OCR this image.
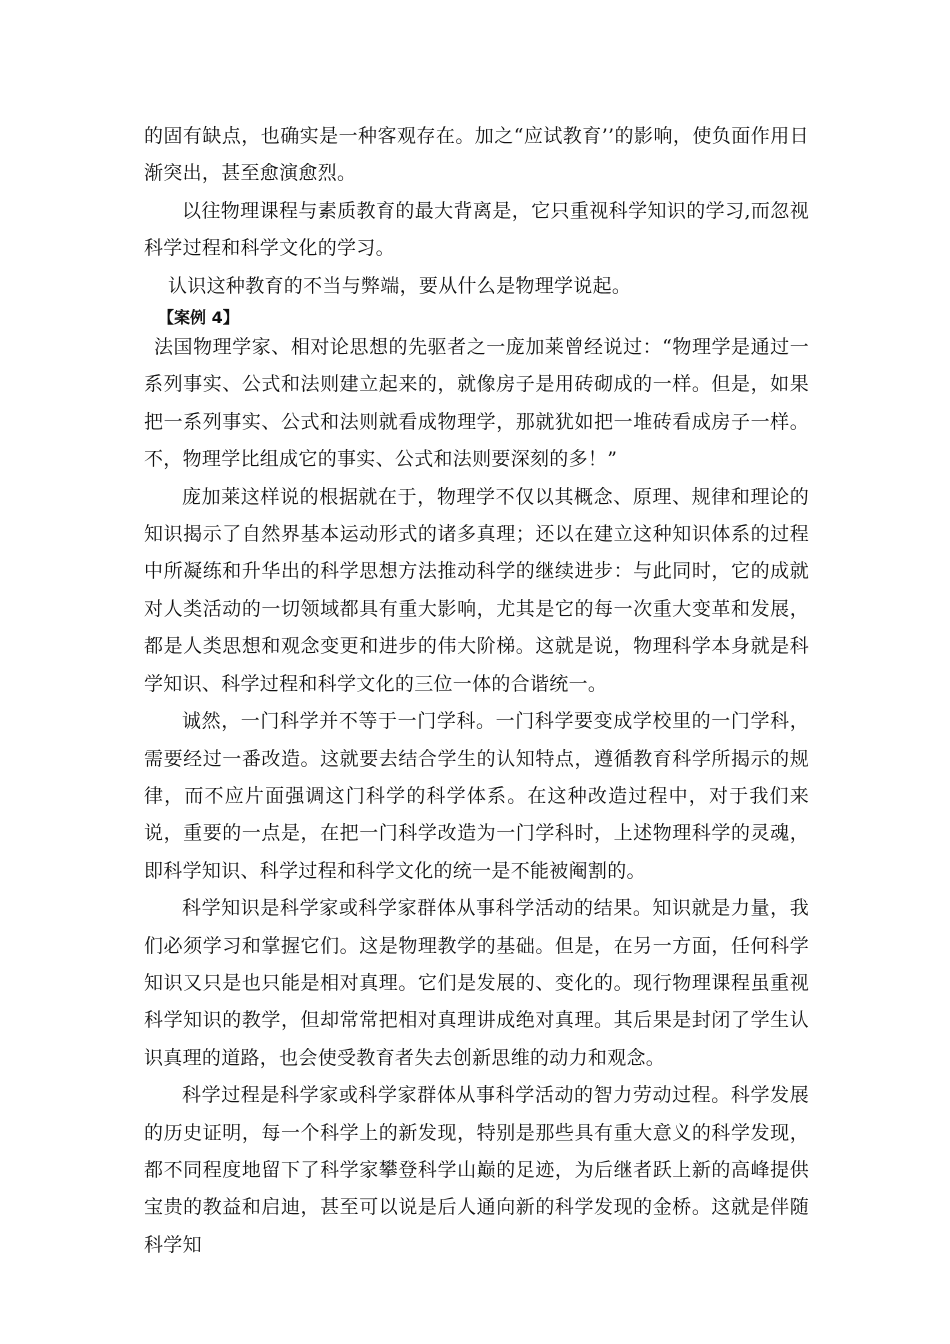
的固有缺点，也确实是一种客观存在。加之“应试教育’’的影响，使负面作用日渐突出，甚至愈演愈烈。

以往物理课程与素质教育的最大背离是，它只重视科学知识的学习,而忽视科学过程和科学文化的学习。

认识这种教育的不当与弊端，要从什么是物理学说起。

【案例 4】

法国物理学家、相对论思想的先驱者之一庞加莱曾经说过：“物理学是通过一系列事实、公式和法则建立起来的，就像房子是用砖砌成的一样。但是，如果把一系列事实、公式和法则就看成物理学，那就犹如把一堆砖看成房子一样。不，物理学比组成它的事实、公式和法则要深刻的多！”

庞加莱这样说的根据就在于，物理学不仅以其概念、原理、规律和理论的知识揭示了自然界基本运动形式的诸多真理；还以在建立这种知识体系的过程中所凝练和升华出的科学思想方法推动科学的继续进步：与此同时，它的成就对人类活动的一切领域都具有重大影响，尤其是它的每一次重大变革和发展，都是人类思想和观念变更和进步的伟大阶梯。这就是说，物理科学本身就是科学知识、科学过程和科学文化的三位一体的合谐统一。

诚然，一门科学并不等于一门学科。一门科学要变成学校里的一门学科，需要经过一番改造。这就要去结合学生的认知特点，遵循教育科学所揭示的规律，而不应片面强调这门科学的科学体系。在这种改造过程中，对于我们来说，重要的一点是，在把一门科学改造为一门学科时，上述物理科学的灵魂，即科学知识、科学过程和科学文化的统一是不能被阉割的。

科学知识是科学家或科学家群体从事科学活动的结果。知识就是力量，我们必须学习和掌握它们。这是物理教学的基础。但是，在另一方面，任何科学知识又只是也只能是相对真理。它们是发展的、变化的。现行物理课程虽重视科学知识的教学，但却常常把相对真理讲成绝对真理。其后果是封闭了学生认识真理的道路，也会使受教育者失去创新思维的动力和观念。

科学过程是科学家或科学家群体从事科学活动的智力劳动过程。科学发展的历史证明，每一个科学上的新发现，特别是那些具有重大意义的科学发现，都不同程度地留下了科学家攀登科学山巅的足迹，为后继者跃上新的高峰提供宝贵的教益和启迪，甚至可以说是后人通向新的科学发现的金桥。这就是伴随科学知
